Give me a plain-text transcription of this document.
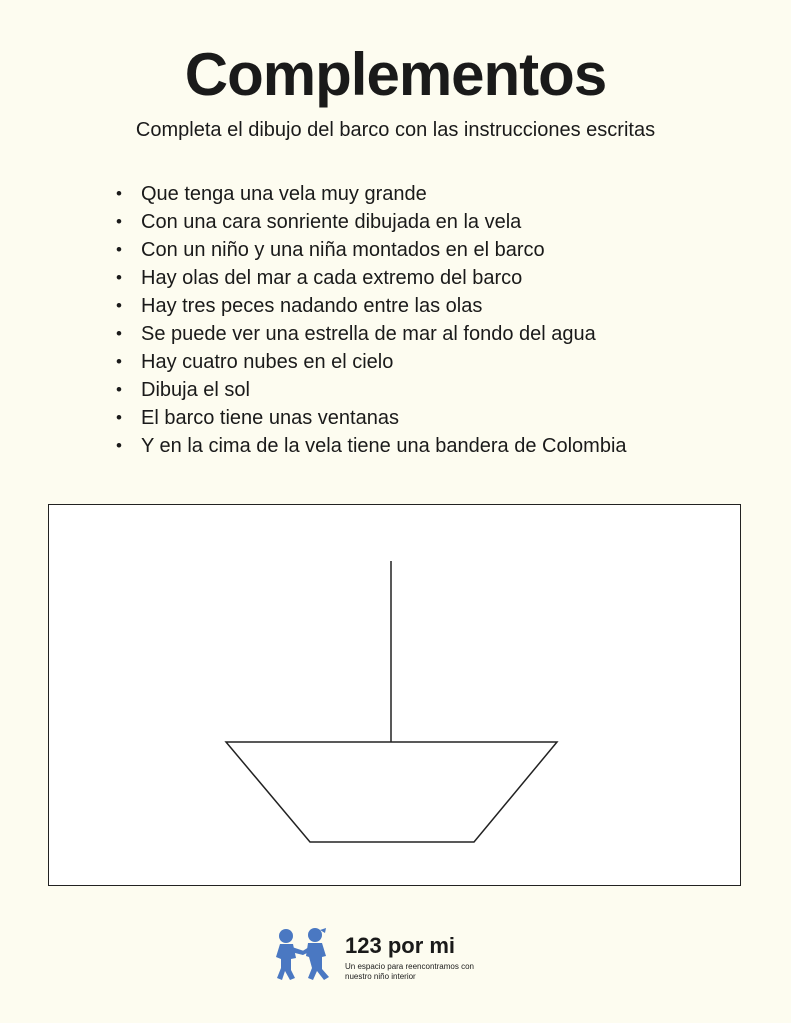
Complementos

Completa el dibujo del barco con las instrucciones escritas

• Que tenga una vela muy grande
• Con una cara sonriente dibujada en la vela
• Con un niño y una niña montados en el barco
• Hay olas del mar a cada extremo del barco
• Hay tres peces nadando entre las olas
• Se puede ver una estrella de mar al fondo del agua
• Hay cuatro nubes en el cielo
• Dibuja el sol
• El barco tiene unas ventanas
• Y en la cima de la vela tiene una bandera de Colombia
123 por mi
Un espacio para reencontramos con nuestro niño interior
